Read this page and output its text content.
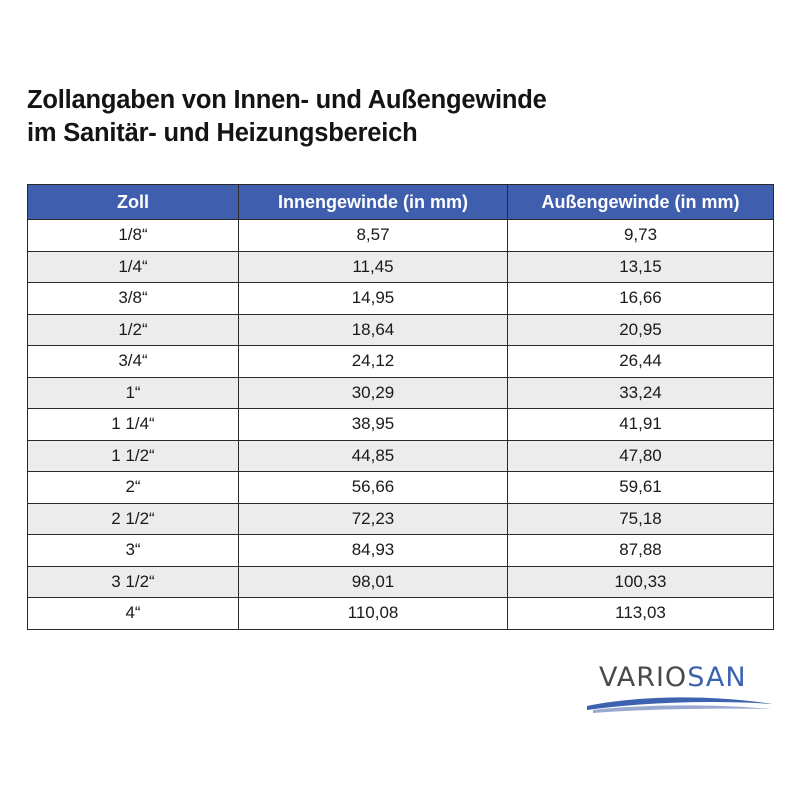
Zollangaben von Innen- und Außengewinde
im Sanitär- und Heizungsbereich
Zoll	Innengewinde (in mm)	Außengewinde (in mm)
1/8“	8,57	9,73
1/4“	11,45	13,15
3/8“	14,95	16,66
1/2“	18,64	20,95
3/4“	24,12	26,44
1“	30,29	33,24
1 1/4“	38,95	41,91
1 1/2“	44,85	47,80
2“	56,66	59,61
2 1/2“	72,23	75,18
3“	84,93	87,88
3 1/2“	98,01	100,33
4“	110,08	113,03
VARIOSAN
